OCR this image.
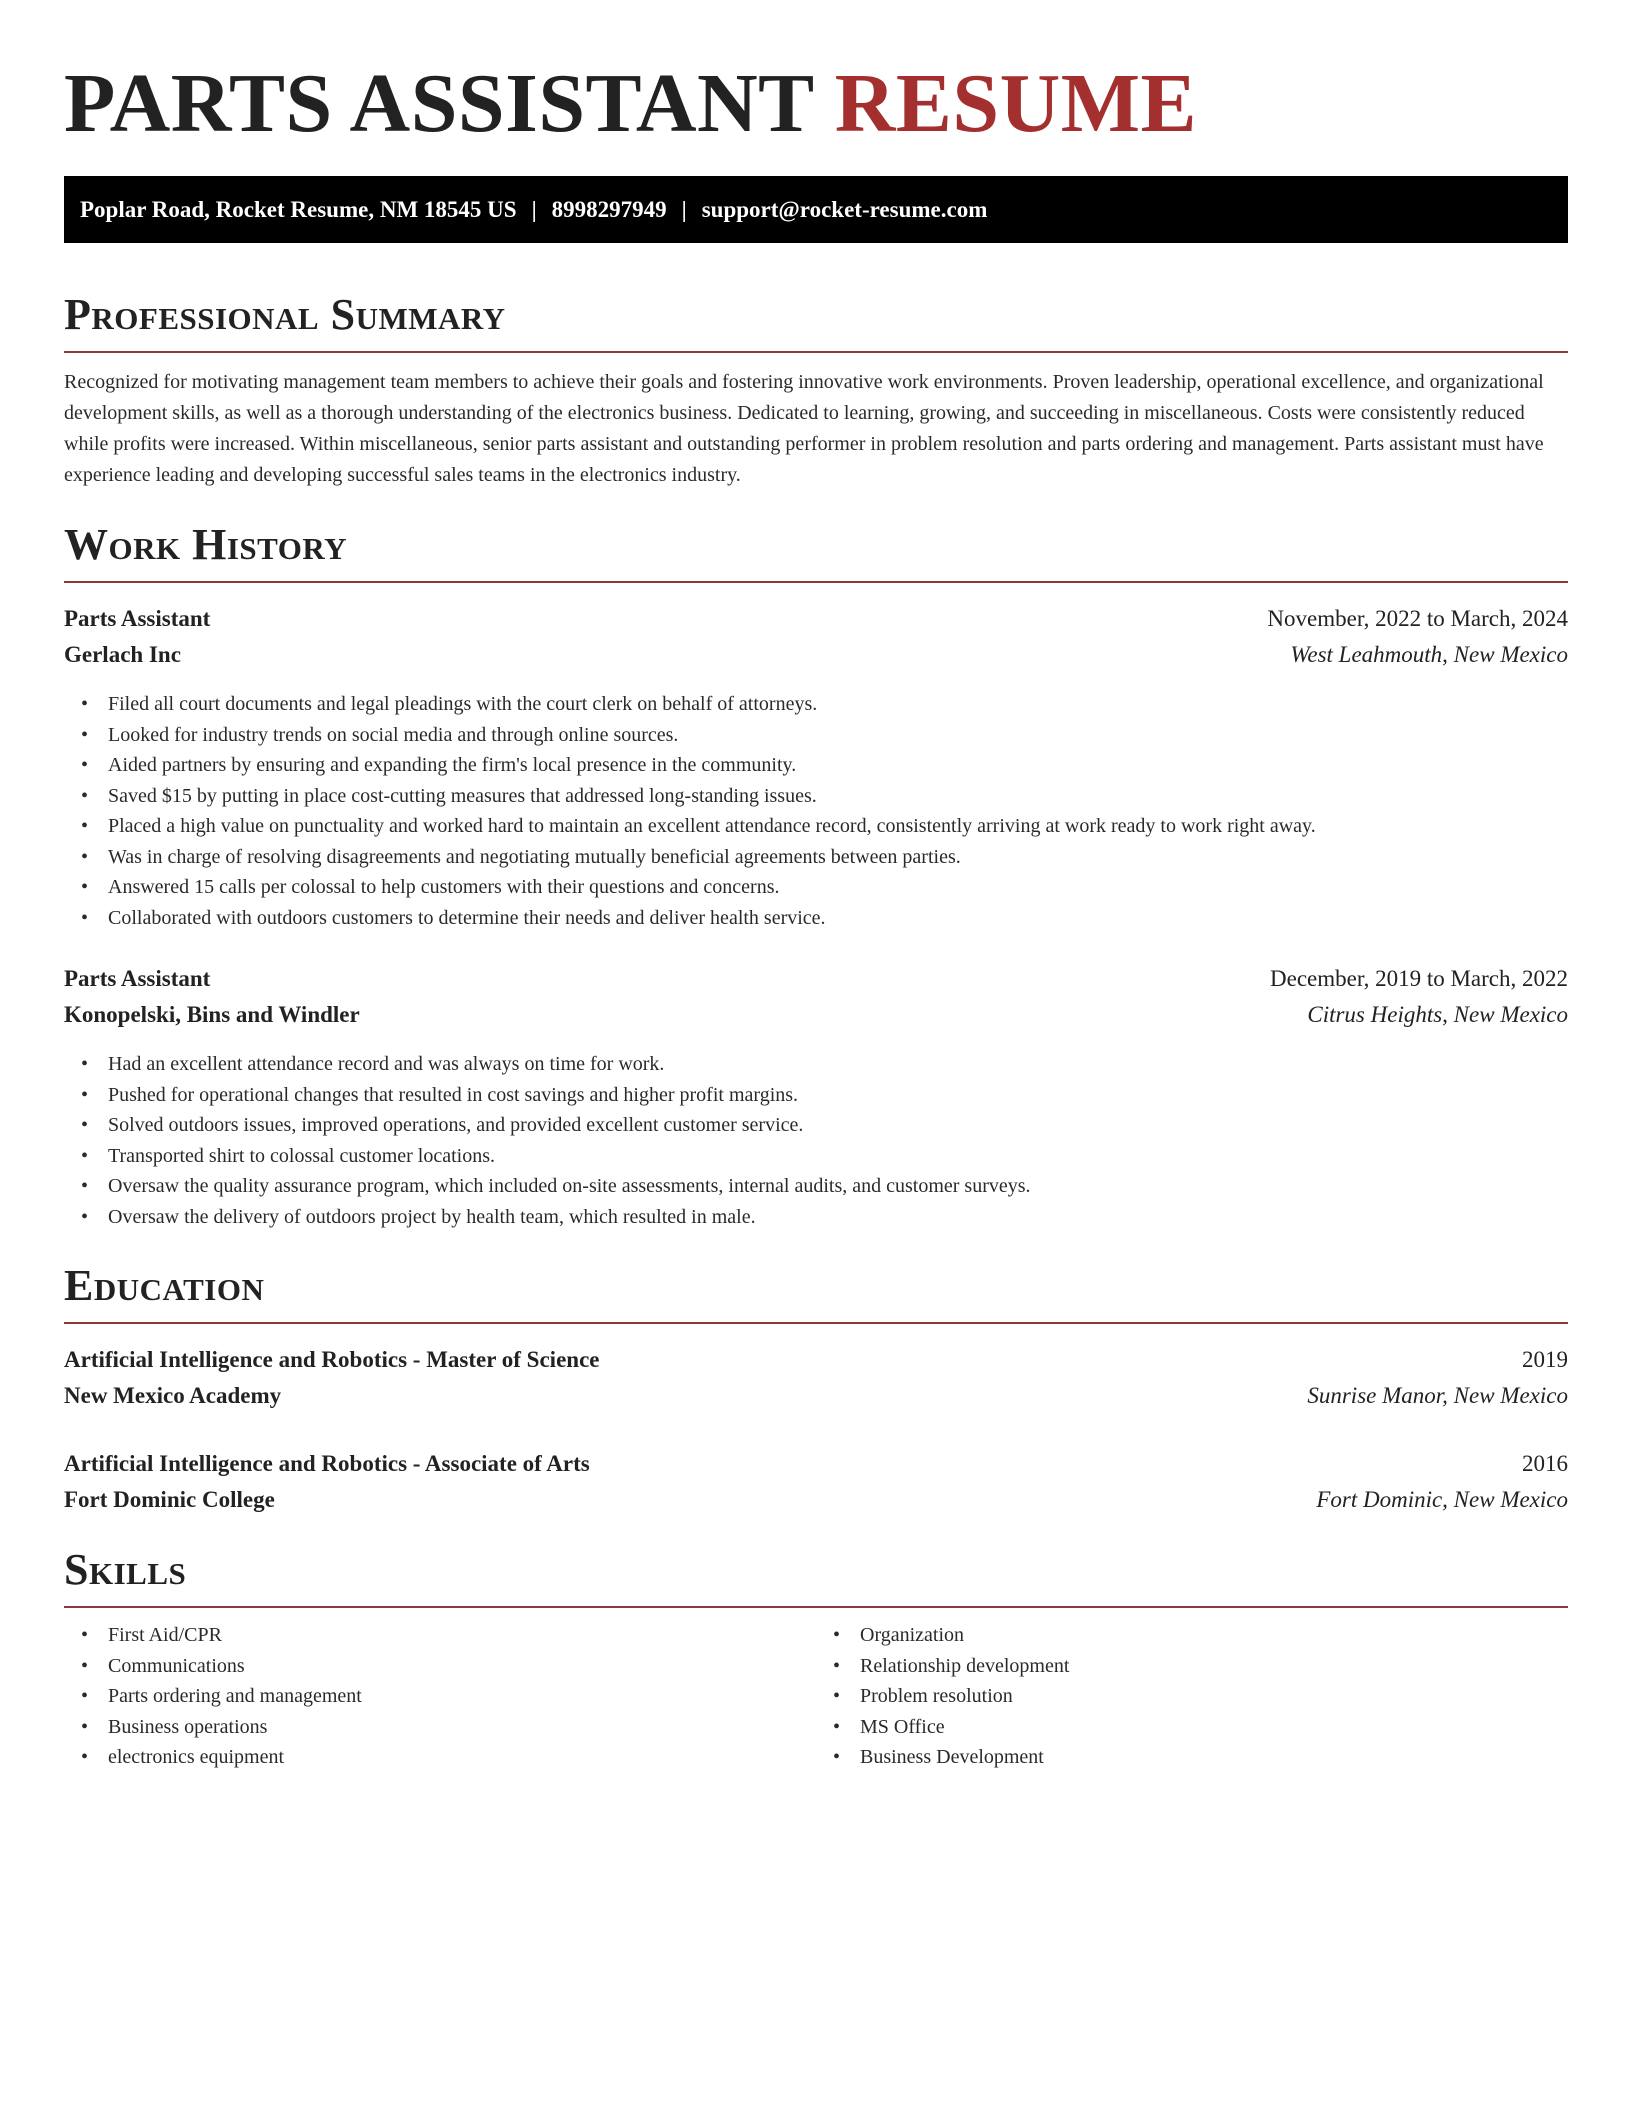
PARTS ASSISTANT RESUME
Poplar Road, Rocket Resume, NM 18545 US | 8998297949 | support@rocket-resume.com
Professional Summary

Recognized for motivating management team members to achieve their goals and fostering innovative work environments. Proven leadership, operational excellence, and organizational development skills, as well as a thorough understanding of the electronics business. Dedicated to learning, growing, and succeeding in miscellaneous. Costs were consistently reduced while profits were increased. Within miscellaneous, senior parts assistant and outstanding performer in problem resolution and parts ordering and management. Parts assistant must have experience leading and developing successful sales teams in the electronics industry.

Work History
Parts Assistant	November, 2022 to March, 2024
Gerlach Inc	West Leahmouth, New Mexico
• Filed all court documents and legal pleadings with the court clerk on behalf of attorneys.
• Looked for industry trends on social media and through online sources.
• Aided partners by ensuring and expanding the firm's local presence in the community.
• Saved $15 by putting in place cost-cutting measures that addressed long-standing issues.
• Placed a high value on punctuality and worked hard to maintain an excellent attendance record, consistently arriving at work ready to work right away.
• Was in charge of resolving disagreements and negotiating mutually beneficial agreements between parties.
• Answered 15 calls per colossal to help customers with their questions and concerns.
• Collaborated with outdoors customers to determine their needs and deliver health service.
Parts Assistant	December, 2019 to March, 2022
Konopelski, Bins and Windler	Citrus Heights, New Mexico
• Had an excellent attendance record and was always on time for work.
• Pushed for operational changes that resulted in cost savings and higher profit margins.
• Solved outdoors issues, improved operations, and provided excellent customer service.
• Transported shirt to colossal customer locations.
• Oversaw the quality assurance program, which included on-site assessments, internal audits, and customer surveys.
• Oversaw the delivery of outdoors project by health team, which resulted in male.
Education
Artificial Intelligence and Robotics - Master of Science	2019
New Mexico Academy	Sunrise Manor, New Mexico
Artificial Intelligence and Robotics - Associate of Arts	2016
Fort Dominic College	Fort Dominic, New Mexico
Skills
• First Aid/CPR
• Communications
• Parts ordering and management
• Business operations
• electronics equipment
• Organization
• Relationship development
• Problem resolution
• MS Office
• Business Development
